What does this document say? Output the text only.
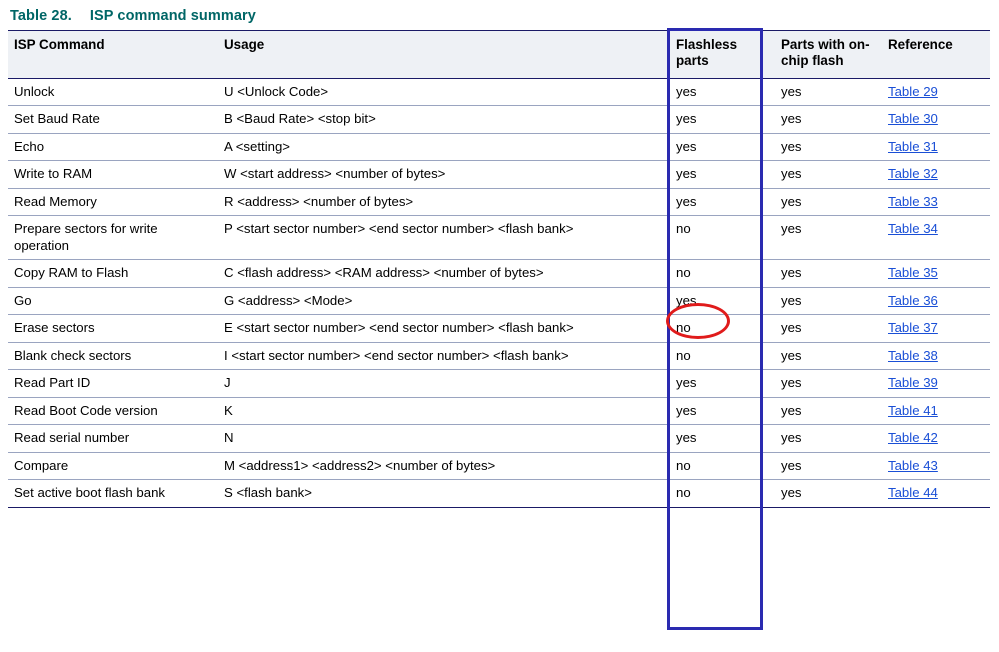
Table 28. ISP command summary
ISP Command	Usage	Flashless parts	Parts with on-chip flash	Reference
Unlock	U <Unlock Code>	yes	yes	Table 29
Set Baud Rate	B <Baud Rate> <stop bit>	yes	yes	Table 30
Echo	A <setting>	yes	yes	Table 31
Write to RAM	W <start address> <number of bytes>	yes	yes	Table 32
Read Memory	R <address> <number of bytes>	yes	yes	Table 33
Prepare sectors for write operation	P <start sector number> <end sector number> <flash bank>	no	yes	Table 34
Copy RAM to Flash	C <flash address> <RAM address> <number of bytes>	no	yes	Table 35
Go	G <address> <Mode>	yes	yes	Table 36
Erase sectors	E <start sector number> <end sector number> <flash bank>	no	yes	Table 37
Blank check sectors	I <start sector number> <end sector number> <flash bank>	no	yes	Table 38
Read Part ID	J	yes	yes	Table 39
Read Boot Code version	K	yes	yes	Table 41
Read serial number	N	yes	yes	Table 42
Compare	M <address1> <address2> <number of bytes>	no	yes	Table 43
Set active boot flash bank	S <flash bank>	no	yes	Table 44
